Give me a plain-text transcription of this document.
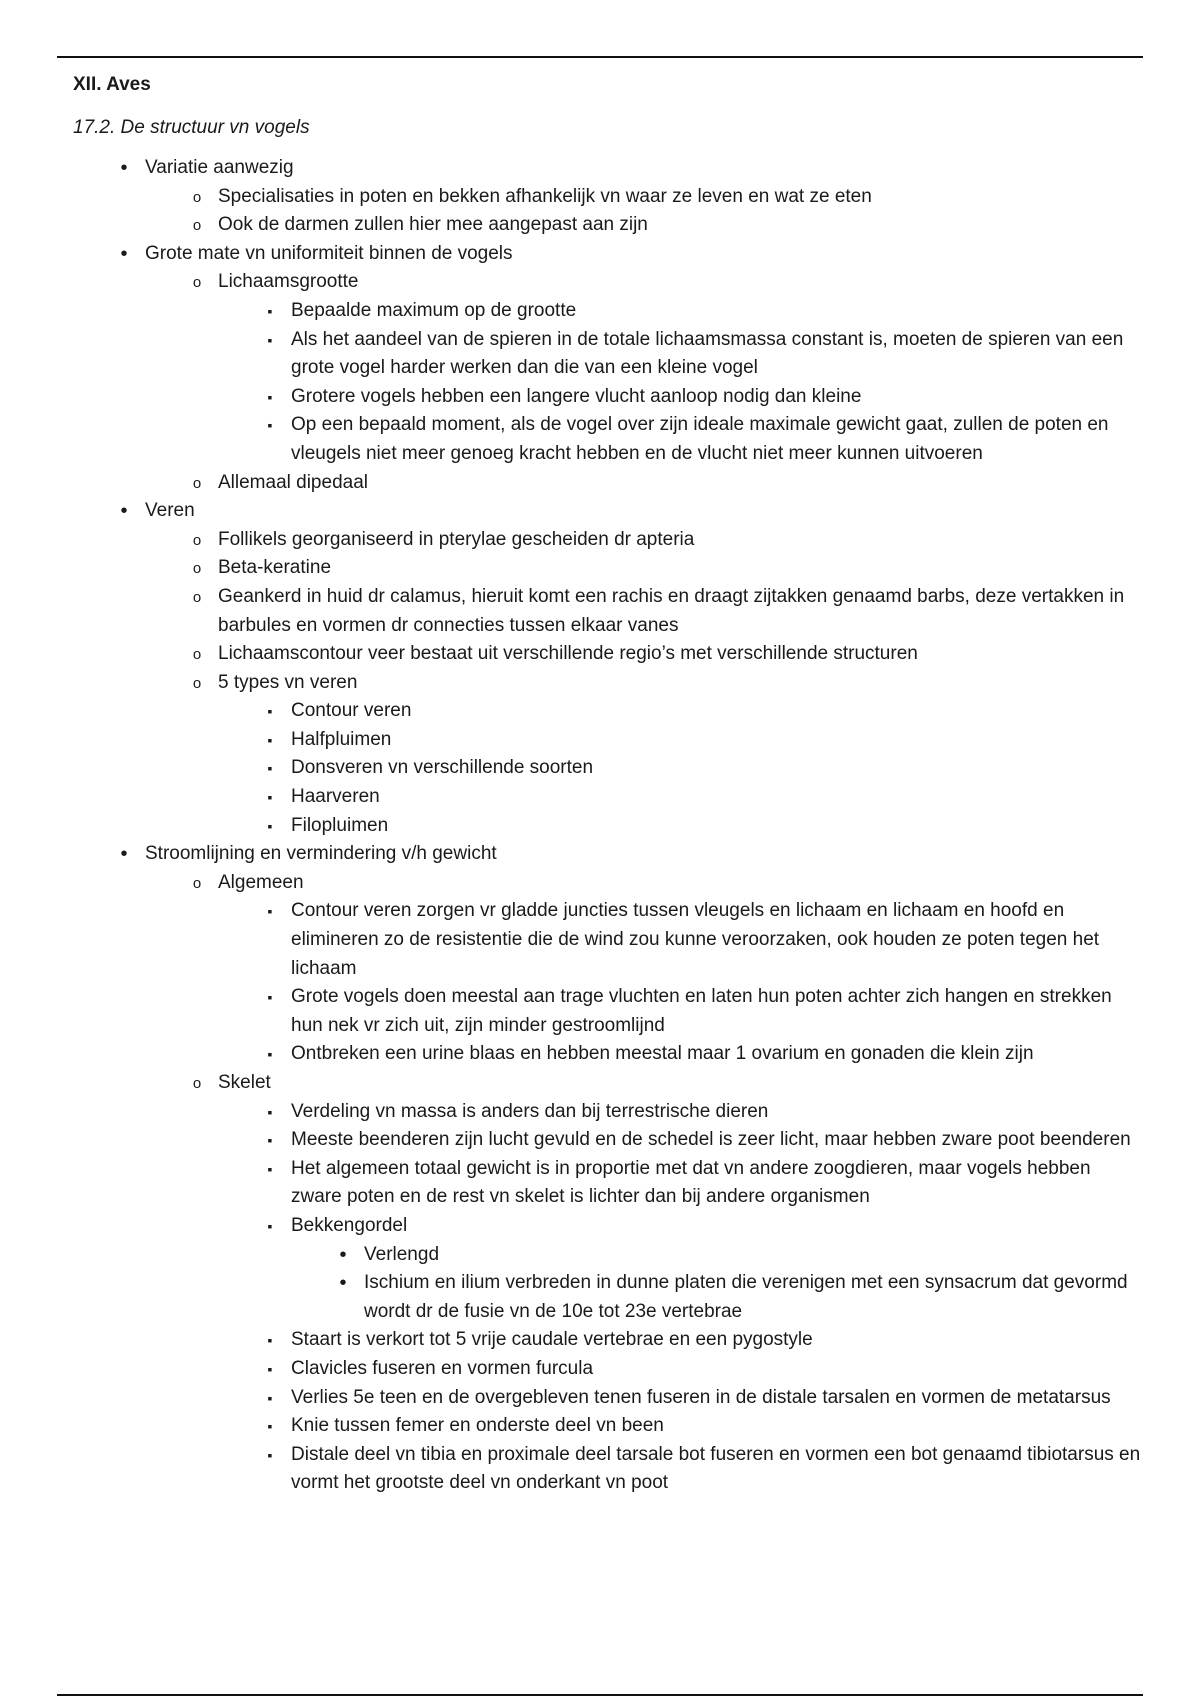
XII. Aves
17.2. De structuur vn vogels
•
Variatie aanwezig
o
Specialisaties in poten en bekken afhankelijk vn waar ze leven en wat ze eten
o
Ook de darmen zullen hier mee aangepast aan zijn
•
Grote mate vn uniformiteit binnen de vogels
o
Lichaamsgrootte
▪
Bepaalde maximum op de grootte
▪
Als het aandeel van de spieren in de totale lichaamsmassa constant is, moeten de spieren van een grote vogel harder werken dan die van een kleine vogel
▪
Grotere vogels hebben een langere vlucht aanloop nodig dan kleine
▪
Op een bepaald moment, als de vogel over zijn ideale maximale gewicht gaat, zullen de poten en vleugels niet meer genoeg kracht hebben en de vlucht niet meer kunnen uitvoeren
o
Allemaal dipedaal
•
Veren
o
Follikels georganiseerd in pterylae gescheiden dr apteria
o
Beta-keratine
o
Geankerd in huid dr calamus, hieruit komt een rachis en draagt zijtakken genaamd barbs, deze vertakken in barbules en vormen dr connecties tussen elkaar vanes
o
Lichaamscontour veer bestaat uit verschillende regio’s met verschillende structuren
o
5 types vn veren
▪
Contour veren
▪
Halfpluimen
▪
Donsveren vn verschillende soorten
▪
Haarveren
▪
Filopluimen
•
Stroomlijning en vermindering v/h gewicht
o
Algemeen
▪
Contour veren zorgen vr gladde juncties tussen vleugels en lichaam en lichaam en hoofd en elimineren zo de resistentie die de wind zou kunne veroorzaken, ook houden ze poten tegen het lichaam
▪
Grote vogels doen meestal aan trage vluchten en laten hun poten achter zich hangen en strekken hun nek vr zich uit, zijn minder gestroomlijnd
▪
Ontbreken een urine blaas en hebben meestal maar 1 ovarium en gonaden die klein zijn
o
Skelet
▪
Verdeling vn massa is anders dan bij terrestrische dieren
▪
Meeste beenderen zijn lucht gevuld en de schedel is zeer licht, maar hebben zware poot beenderen
▪
Het algemeen totaal gewicht is in proportie met dat vn andere zoogdieren, maar vogels hebben zware poten en de rest vn skelet is lichter dan bij andere organismen
▪
Bekkengordel
•
Verlengd
•
Ischium en ilium verbreden in dunne platen die verenigen met een synsacrum dat gevormd wordt dr de fusie vn de 10e tot 23e vertebrae
▪
Staart is verkort tot 5 vrije caudale vertebrae en een pygostyle
▪
Clavicles fuseren en vormen furcula
▪
Verlies 5e teen en de overgebleven tenen fuseren in de distale tarsalen en vormen de metatarsus
▪
Knie tussen femer en onderste deel vn been
▪
Distale deel vn tibia en proximale deel tarsale bot fuseren en vormen een bot genaamd tibiotarsus en vormt het grootste deel vn onderkant vn poot
